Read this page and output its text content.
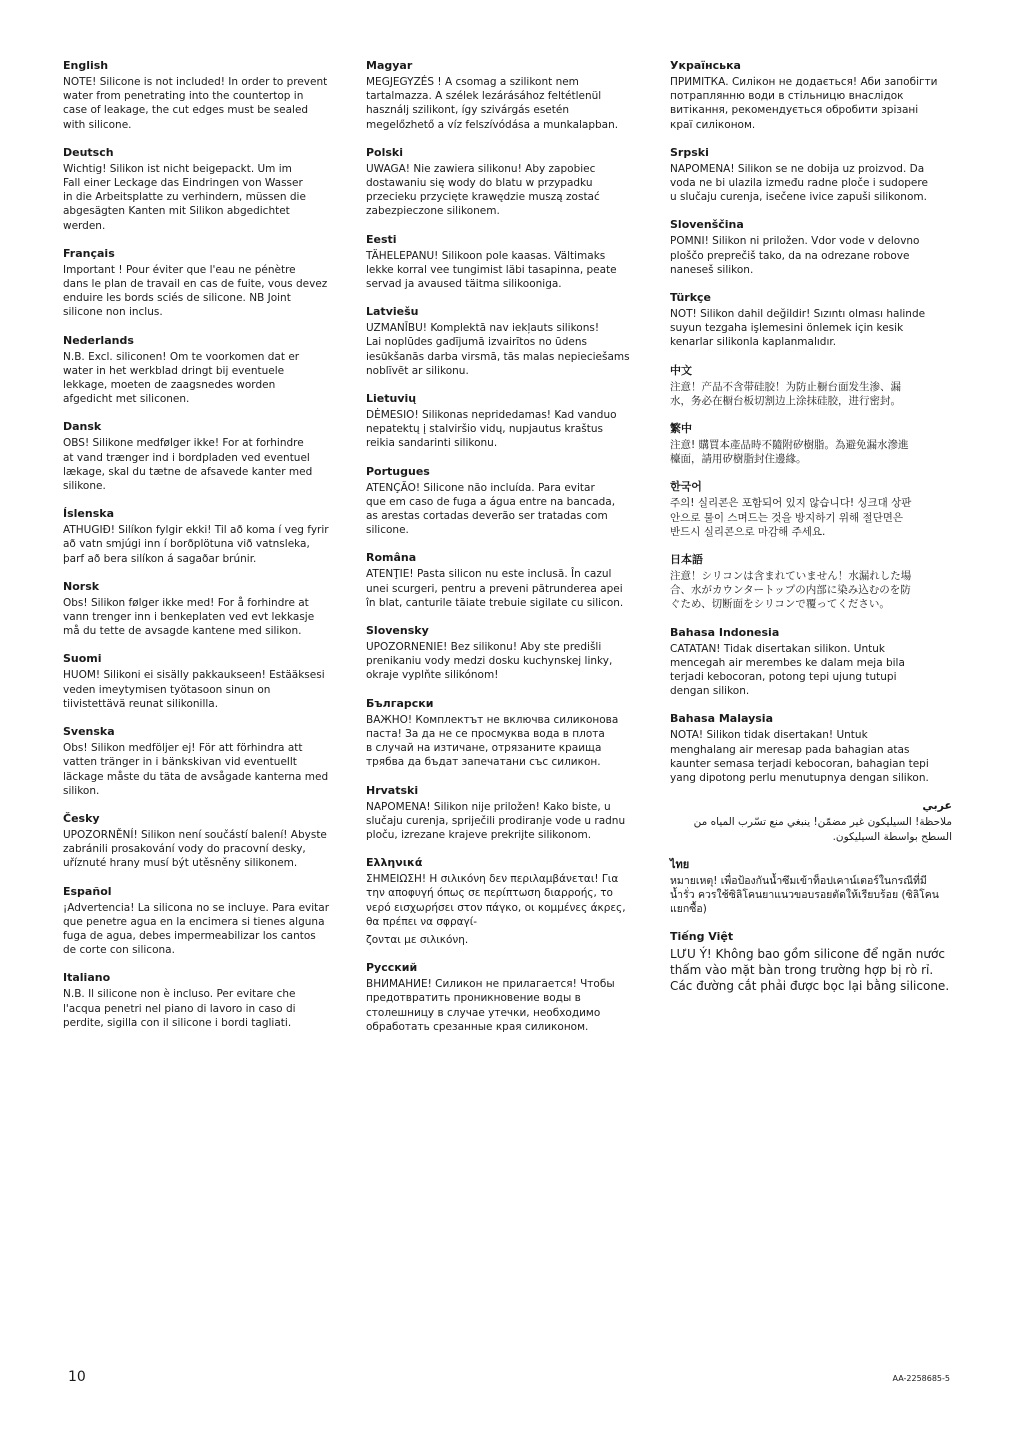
English

NOTE! Silicone is not included! In order to prevent
water from penetrating into the countertop in
case of leakage, the cut edges must be sealed
with silicone.

Deutsch

Wichtig! Silikon ist nicht beigepackt. Um im
Fall einer Leckage das Eindringen von Wasser
in die Arbeitsplatte zu verhindern, müssen die
abgesägten Kanten mit Silikon abgedichtet
werden.

Français

Important ! Pour éviter que l'eau ne pénètre
dans le plan de travail en cas de fuite, vous devez
enduire les bords sciés de silicone. NB Joint
silicone non inclus.

Nederlands

N.B. Excl. siliconen! Om te voorkomen dat er
water in het werkblad dringt bij eventuele
lekkage, moeten de zaagsnedes worden
afgedicht met siliconen.

Dansk

OBS! Silikone medfølger ikke! For at forhindre
at vand trænger ind i bordpladen ved eventuel
lækage, skal du tætne de afsavede kanter med
silikone.

Íslenska

ATHUGIÐ! Silíkon fylgir ekki! Til að koma í veg fyrir
að vatn smjúgi inn í borðplötuna við vatnsleka,
þarf að bera silíkon á sagaðar brúnir.

Norsk

Obs! Silikon følger ikke med! For å forhindre at
vann trenger inn i benkeplaten ved evt lekkasje
må du tette de avsagde kantene med silikon.

Suomi

HUOM! Silikoni ei sisälly pakkaukseen! Estääksesi
veden imeytymisen työtasoon sinun on
tiivistettävä reunat silikonilla.

Svenska

Obs! Silikon medföljer ej! För att förhindra att
vatten tränger in i bänkskivan vid eventuellt
läckage måste du täta de avsågade kanterna med
silikon.

Česky

UPOZORNĚNÍ! Silikon není součástí balení! Abyste
zabránili prosakování vody do pracovní desky,
uříznuté hrany musí být utěsněny silikonem.

Español

¡Advertencia! La silicona no se incluye. Para evitar
que penetre agua en la encimera si tienes alguna
fuga de agua, debes impermeabilizar los cantos
de corte con silicona.

Italiano

N.B. Il silicone non è incluso. Per evitare che
l'acqua penetri nel piano di lavoro in caso di
perdite, sigilla con il silicone i bordi tagliati.

Magyar

MEGJEGYZÉS ! A csomag a szilikont nem
tartalmazza. A szélek lezárásához feltétlenül
használj szilikont, így szivárgás esetén
megelőzhető a víz felszívódása a munkalapban.

Polski

UWAGA! Nie zawiera silikonu! Aby zapobiec
dostawaniu się wody do blatu w przypadku
przecieku przycięte krawędzie muszą zostać
zabezpieczone silikonem.

Eesti

TÄHELEPANU! Silikoon pole kaasas. Vältimaks
lekke korral vee tungimist läbi tasapinna, peate
servad ja avaused täitma silikooniga.

Latviešu

UZMANĪBU! Komplektā nav iekļauts silikons!
Lai noplūdes gadījumā izvairītos no ūdens
iesūkšanās darba virsmā, tās malas nepieciešams
noblīvēt ar silikonu.

Lietuvių

DĖMESIO! Silikonas nepridedamas! Kad vanduo
nepatektų į stalviršio vidų, nupjautus kraštus
reikia sandarinti silikonu.

Portugues

ATENÇÃO! Silicone não incluída. Para evitar
que em caso de fuga a água entre na bancada,
as arestas cortadas deverão ser tratadas com
silicone.

Româna

ATENŢIE! Pasta silicon nu este inclusă. În cazul
unei scurgeri, pentru a preveni pătrunderea apei
în blat, canturile tăiate trebuie sigilate cu silicon.

Slovensky

UPOZORNENIE! Bez silikonu! Aby ste predišli
prenikaniu vody medzi dosku kuchynskej linky,
okraje vyplňte silikónom!

Български

ВАЖНО! Комплектът не включва силиконова
паста! За да не се просмуква вода в плота
в случай на изтичане, отрязаните краища
трябва да бъдат запечатани със силикон.

Hrvatski

NAPOMENA! Silikon nije priložen! Kako biste, u
slučaju curenja, spriječili prodiranje vode u radnu
ploču, izrezane krajeve prekrijte silikonom.

Ελληνικά

ΣΗΜΕΙΩΣΗ! Η σιλικόνη δεν περιλαμβάνεται! Για
την αποφυγή όπως σε περίπτωση διαρροής, το
νερό εισχωρήσει στον πάγκο, οι κομμένες άκρες,
θα πρέπει να σφραγί-

ζονται με σιλικόνη.

Русский

ВНИМАНИЕ! Силикон не прилагается! Чтобы
предотвратить проникновение воды в
столешницу в случае утечки, необходимо
обработать срезанные края силиконом.

Українська

ПРИМІТКА. Силікон не додається! Аби запобігти
потраплянню води в стільницю внаслідок
витікання, рекомендується обробити зрізані
краї силіконом.

Srpski

NAPOMENA! Silikon se ne dobija uz proizvod. Da
voda ne bi ulazila između radne ploče i sudopere
u slučaju curenja, isečene ivice zapuši silikonom.

Slovenščina

POMNI! Silikon ni priložen. Vdor vode v delovno
ploščo preprečiš tako, da na odrezane robove
naneseš silikon.

Türkçe

NOT! Silikon dahil değildir! Sızıntı olması halinde
suyun tezgaha işlemesini önlemek için kesik
kenarlar silikonla kaplanmalıdır.

中文

注意！产品不含带硅胶！为防止橱台面发生渗、漏
水，务必在橱台板切割边上涂抹硅胶，进行密封。

繁中

注意! 購買本產品時不隨附矽樹脂。為避免漏水滲進
檯面，請用矽樹脂封住邊緣。

한국어

주의! 실리콘은 포함되어 있지 않습니다! 싱크대 상판
안으로 물이 스며드는 것을 방지하기 위해 절단면은
반드시 실리콘으로 마감해 주세요.

日本語

注意！シリコンは含まれていません！水漏れした場
合、水がカウンタートップの内部に染み込むのを防
ぐため、切断面をシリコンで覆ってください。

Bahasa Indonesia

CATATAN! Tidak disertakan silikon. Untuk
mencegah air merembes ke dalam meja bila
terjadi kebocoran, potong tepi ujung tutupi
dengan silikon.

Bahasa Malaysia

NOTA! Silikon tidak disertakan! Untuk
menghalang air meresap pada bahagian atas
kaunter semasa terjadi kebocoran, bahagian tepi
yang dipotong perlu menutupnya dengan silikon.

عربي

ملاحظة! السيليكون غير مضمّن! ينبغي منع تسّرب المياه من
السطح بواسطة السيليكون.

ไทย

หมายเหตุ! เพื่อป้องกันน้ำซึมเข้าท็อปเคาน์เตอร์ในกรณีที่มี
น้ำรั่ว ควรใช้ซิลิโคนยาแนวขอบรอยตัดให้เรียบร้อย (ซิลิโคน
แยกซื้อ)

Tiếng Việt

LƯU Ý! Không bao gồm silicone để ngăn nước
thấm vào mặt bàn trong trường hợp bị rò rỉ.
Các đường cắt phải được bọc lại bằng silicone.

10	AA-2258685-5
